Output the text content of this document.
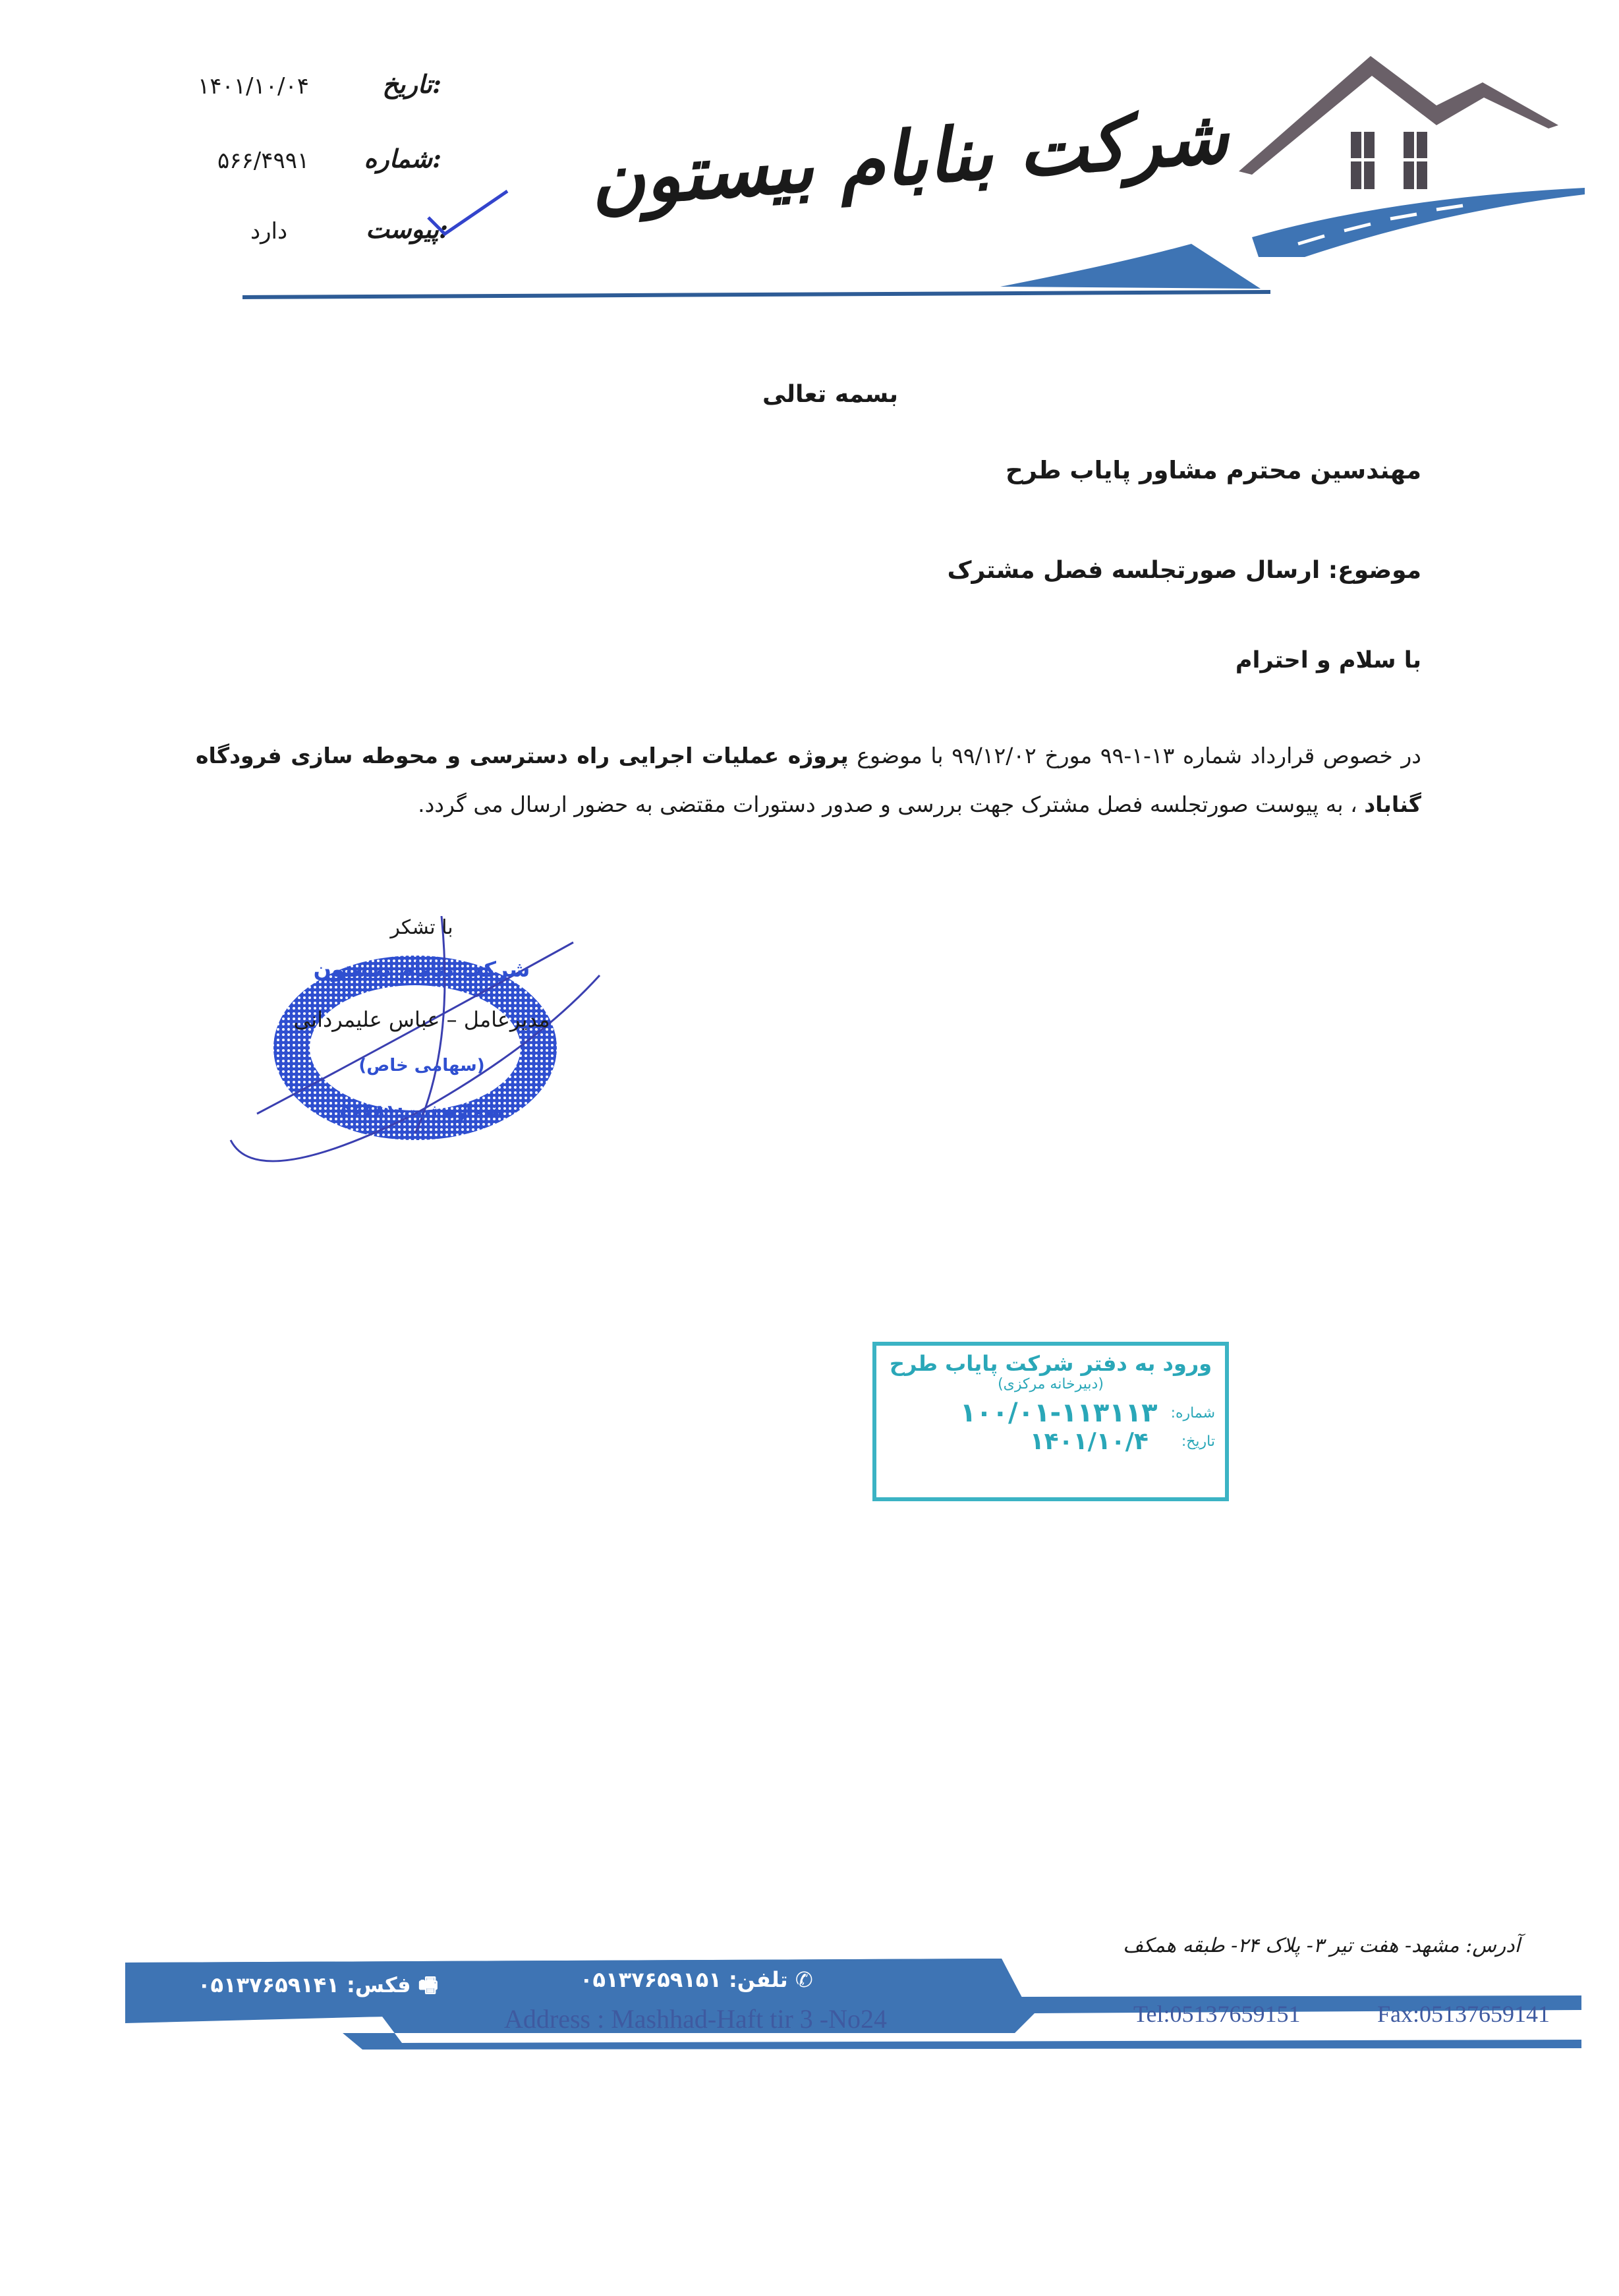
تاریخ:
۱۴۰۱/۱۰/۰۴
شماره:
۵۶۶/۴۹۹۱
پیوست:
دارد
شرکت بنابام بیستون
بسمه تعالی
مهندسین محترم مشاور پایاب طرح
موضوع: ارسال صورتجلسه فصل مشترک
با سلام و احترام
در خصوص قرارداد شماره ۱۳-۱-۹۹ مورخ ۹۹/۱۲/۰۲ با موضوع پروژه عملیات اجرایی راه دسترسی و محوطه سازی فرودگاه گناباد ، به پیوست صورتجلسه فصل مشترک جهت بررسی و صدور دستورات مقتضی به حضور ارسال می گردد.
با تشکر
شرکت بنابام بیستون
مدیرعامل – عباس علیمردانی
(سهامی خاص)
شماره ثبت:۵۶۶۸۱
ورود به دفتر شرکت پایاب طرح
(دبیرخانه مرکزی)
شماره:
۱۰۰/۰۱-۱۱۳۱۱۳
تاریخ:
۱۴۰۱/۱۰/۴
آدرس: مشهد- هفت تیر ۳- پلاک ۲۴- طبقه همکف
✆ تلفن: ۰۵۱۳۷۶۵۹۱۵۱
🖷 فکس: ۰۵۱۳۷۶۵۹۱۴۱
Address : Mashhad-Haft tir 3 -No24	Tel:05137659151	Fax:05137659141
